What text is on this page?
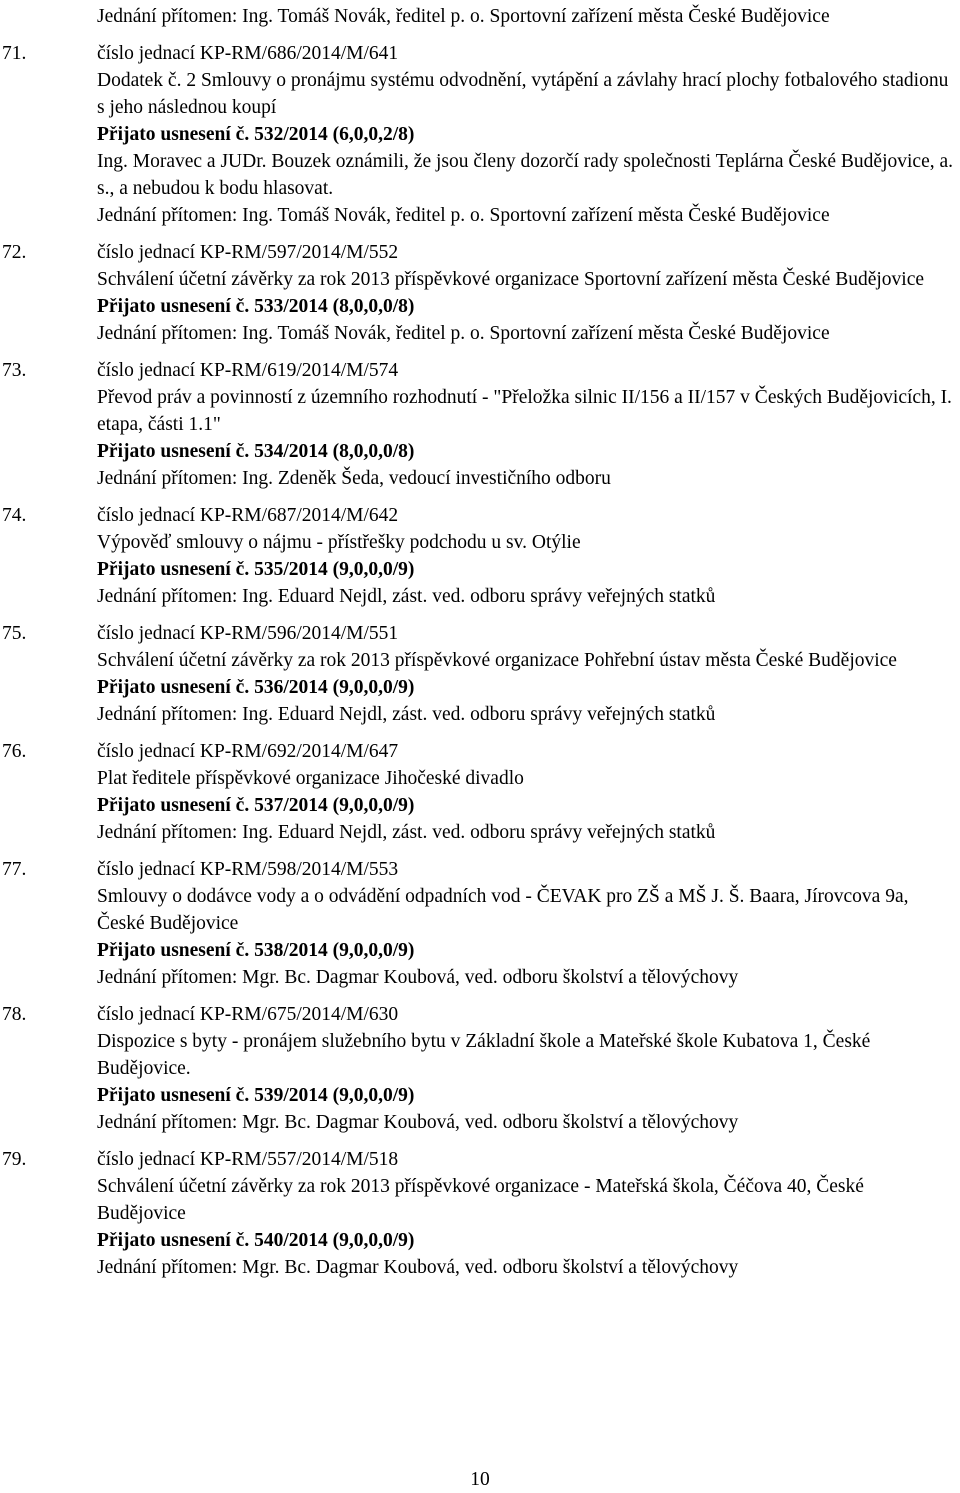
Jednání přítomen: Ing. Tomáš Novák, ředitel p. o. Sportovní zařízení města České Budějovice
71.	číslo jednací KP-RM/686/2014/M/641
Dodatek č. 2 Smlouvy o pronájmu systému odvodnění, vytápění a závlahy hrací plochy fotbalového stadionu s jeho následnou koupí
Přijato usnesení č. 532/2014 (6,0,0,2/8)
Ing. Moravec a JUDr. Bouzek oznámili, že jsou členy dozorčí rady společnosti Teplárna České Budějovice, a. s., a nebudou k bodu hlasovat.
Jednání přítomen: Ing. Tomáš Novák, ředitel p. o. Sportovní zařízení města České Budějovice
72.	číslo jednací KP-RM/597/2014/M/552
Schválení účetní závěrky za rok 2013 příspěvkové organizace Sportovní zařízení města České Budějovice
Přijato usnesení č. 533/2014 (8,0,0,0/8)
Jednání přítomen: Ing. Tomáš Novák, ředitel p. o. Sportovní zařízení města České Budějovice
73.	číslo jednací KP-RM/619/2014/M/574
Převod práv a povinností z územního rozhodnutí - "Přeložka silnic II/156 a II/157 v Českých Budějovicích, I. etapa, části 1.1"
Přijato usnesení č. 534/2014 (8,0,0,0/8)
Jednání přítomen: Ing. Zdeněk Šeda, vedoucí investičního odboru
74.	číslo jednací KP-RM/687/2014/M/642
Výpověď smlouvy o nájmu - přístřešky podchodu u sv. Otýlie
Přijato usnesení č. 535/2014 (9,0,0,0/9)
Jednání přítomen: Ing. Eduard Nejdl, zást. ved. odboru správy veřejných statků
75.	číslo jednací KP-RM/596/2014/M/551
Schválení účetní závěrky za rok 2013 příspěvkové organizace Pohřební ústav města České Budějovice
Přijato usnesení č. 536/2014 (9,0,0,0/9)
Jednání přítomen: Ing. Eduard Nejdl, zást. ved. odboru správy veřejných statků
76.	číslo jednací KP-RM/692/2014/M/647
Plat ředitele příspěvkové organizace Jihočeské divadlo
Přijato usnesení č. 537/2014 (9,0,0,0/9)
Jednání přítomen: Ing. Eduard Nejdl, zást. ved. odboru správy veřejných statků
77.	číslo jednací KP-RM/598/2014/M/553
Smlouvy o dodávce vody a o odvádění odpadních vod - ČEVAK pro ZŠ a MŠ J. Š. Baara, Jírovcova 9a, České Budějovice
Přijato usnesení č. 538/2014 (9,0,0,0/9)
Jednání přítomen: Mgr. Bc. Dagmar Koubová, ved. odboru školství a tělovýchovy
78.	číslo jednací KP-RM/675/2014/M/630
Dispozice s byty - pronájem služebního bytu v Základní škole a Mateřské škole Kubatova 1, České Budějovice.
Přijato usnesení č. 539/2014 (9,0,0,0/9)
Jednání přítomen: Mgr. Bc. Dagmar Koubová, ved. odboru školství a tělovýchovy
79.	číslo jednací KP-RM/557/2014/M/518
Schválení účetní závěrky za rok 2013 příspěvkové organizace - Mateřská škola, Čéčova 40, České Budějovice
Přijato usnesení č. 540/2014 (9,0,0,0/9)
Jednání přítomen: Mgr. Bc. Dagmar Koubová, ved. odboru školství a tělovýchovy
10
